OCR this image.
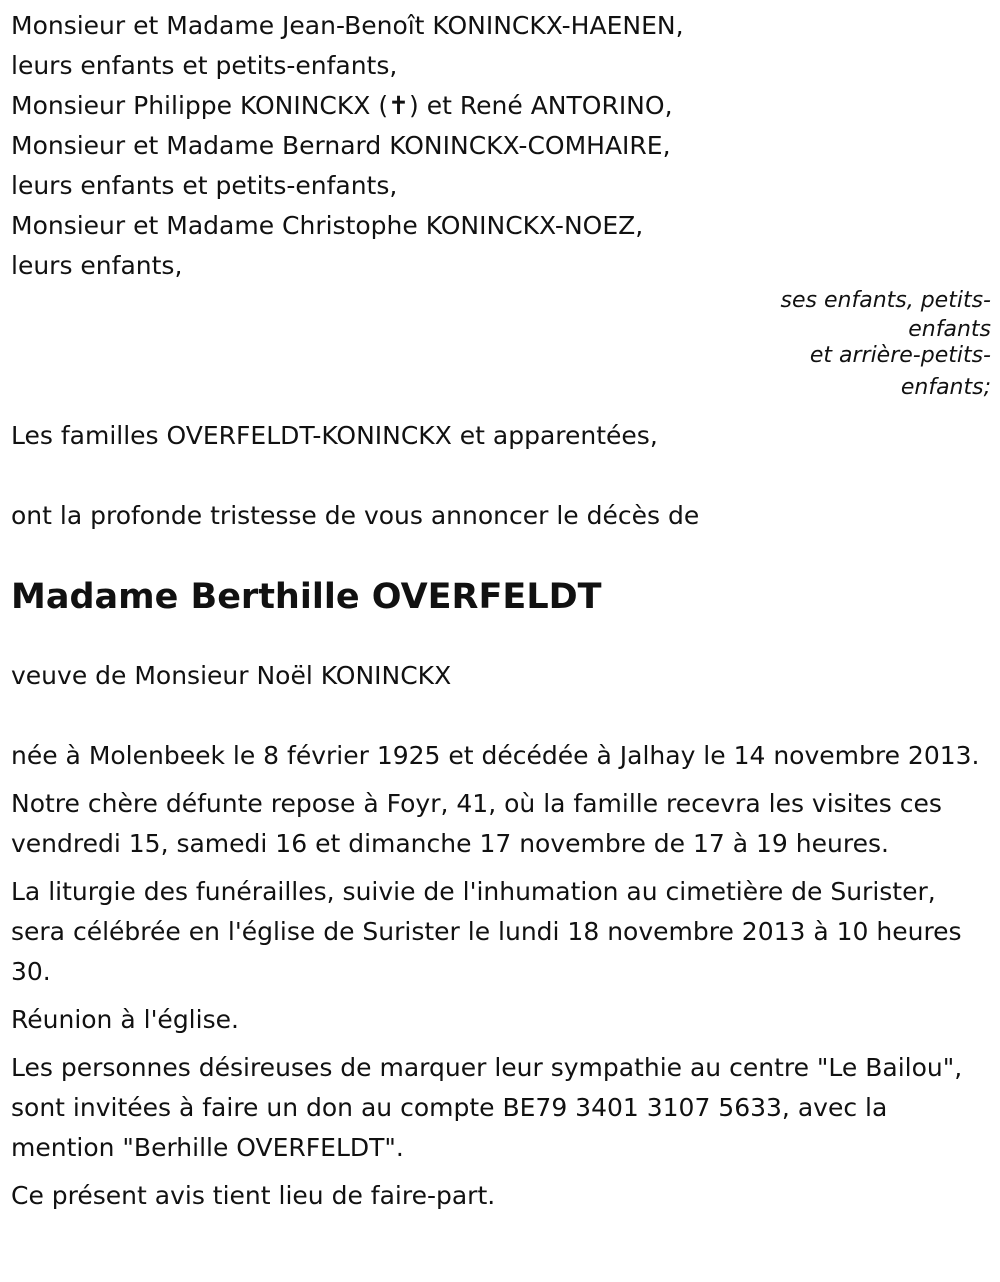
Monsieur et Madame Jean-Benoît KONINCKX-HAENEN,

leurs enfants et petits-enfants,

Monsieur Philippe KONINCKX (✝) et René ANTORINO,

Monsieur et Madame Bernard KONINCKX-COMHAIRE,

leurs enfants et petits-enfants,

Monsieur et Madame Christophe KONINCKX-NOEZ,

leurs enfants,

ses enfants, petits-
enfants
et arrière-petits-
enfants;

Les familles OVERFELDT-KONINCKX et apparentées,

ont la profonde tristesse de vous annoncer le décès de

Madame Berthille OVERFELDT

veuve de Monsieur Noël KONINCKX

née à Molenbeek le 8 février 1925 et décédée à Jalhay le 14 novembre 2013.

Notre chère défunte repose à Foyr, 41, où la famille recevra les visites ces vendredi 15, samedi 16 et dimanche 17 novembre de 17 à 19 heures.

La liturgie des funérailles, suivie de l'inhumation au cimetière de Surister, sera célébrée en l'église de Surister le lundi 18 novembre 2013 à 10 heures 30.

Réunion à l'église.

Les personnes désireuses de marquer leur sympathie au centre "Le Bailou", sont invitées à faire un don au compte BE79 3401 3107 5633, avec la mention "Berhille OVERFELDT".

Ce présent avis tient lieu de faire-part.
